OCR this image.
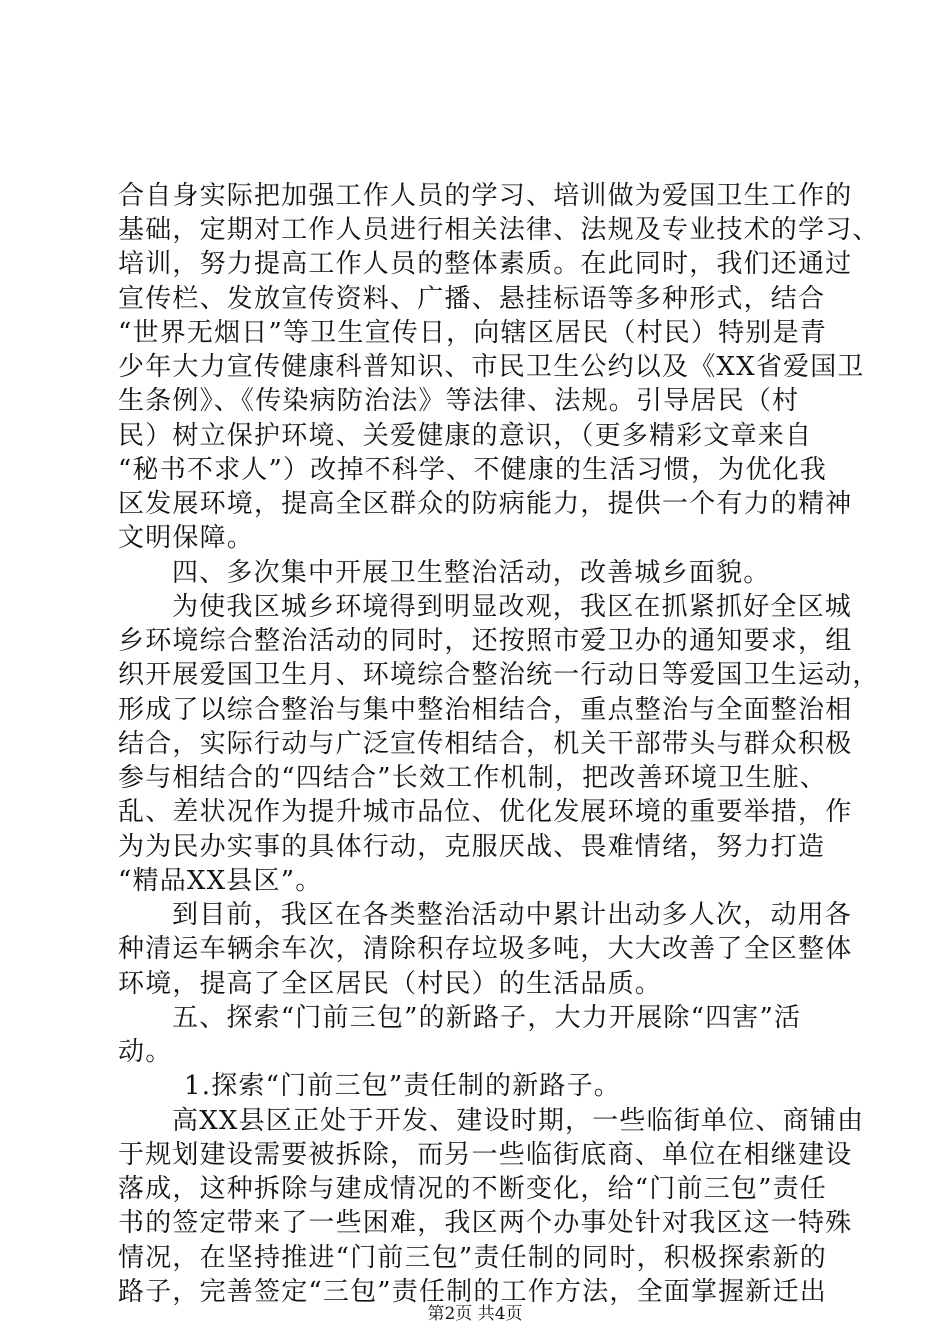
合自身实际把加强工作人员的学习、培训做为爱国卫生工作的
基础，定期对工作人员进行相关法律、法规及专业技术的学习、
培训，努力提高工作人员的整体素质。在此同时，我们还通过
宣传栏、发放宣传资料、广播、悬挂标语等多种形式，结合
“世界无烟日”等卫生宣传日，向辖区居民（村民）特别是青
少年大力宣传健康科普知识、市民卫生公约以及《XX省爱国卫
生条例》、《传染病防治法》等法律、法规。引导居民（村
民）树立保护环境、关爱健康的意识，（更多精彩文章来自
“秘书不求人”）改掉不科学、不健康的生活习惯，为优化我
区发展环境，提高全区群众的防病能力，提供一个有力的精神
文明保障。
四、多次集中开展卫生整治活动，改善城乡面貌。
为使我区城乡环境得到明显改观，我区在抓紧抓好全区城
乡环境综合整治活动的同时，还按照市爱卫办的通知要求，组
织开展爱国卫生月、环境综合整治统一行动日等爱国卫生运动，
形成了以综合整治与集中整治相结合，重点整治与全面整治相
结合，实际行动与广泛宣传相结合，机关干部带头与群众积极
参与相结合的“四结合”长效工作机制，把改善环境卫生脏、
乱、差状况作为提升城市品位、优化发展环境的重要举措，作
为为民办实事的具体行动，克服厌战、畏难情绪，努力打造
“精品XX县区”。
到目前，我区在各类整治活动中累计出动多人次，动用各
种清运车辆余车次，清除积存垃圾多吨，大大改善了全区整体
环境，提高了全区居民（村民）的生活品质。
五、探索“门前三包”的新路子，大力开展除“四害”活
动。
1.探索“门前三包”责任制的新路子。
高XX县区正处于开发、建设时期，一些临街单位、商铺由
于规划建设需要被拆除，而另一些临街底商、单位在相继建设
落成，这种拆除与建成情况的不断变化，给“门前三包”责任
书的签定带来了一些困难，我区两个办事处针对我区这一特殊
情况，在坚持推进“门前三包”责任制的同时，积极探索新的
路子，完善签定“三包”责任制的工作方法，全面掌握新迁出
第2页 共4页
